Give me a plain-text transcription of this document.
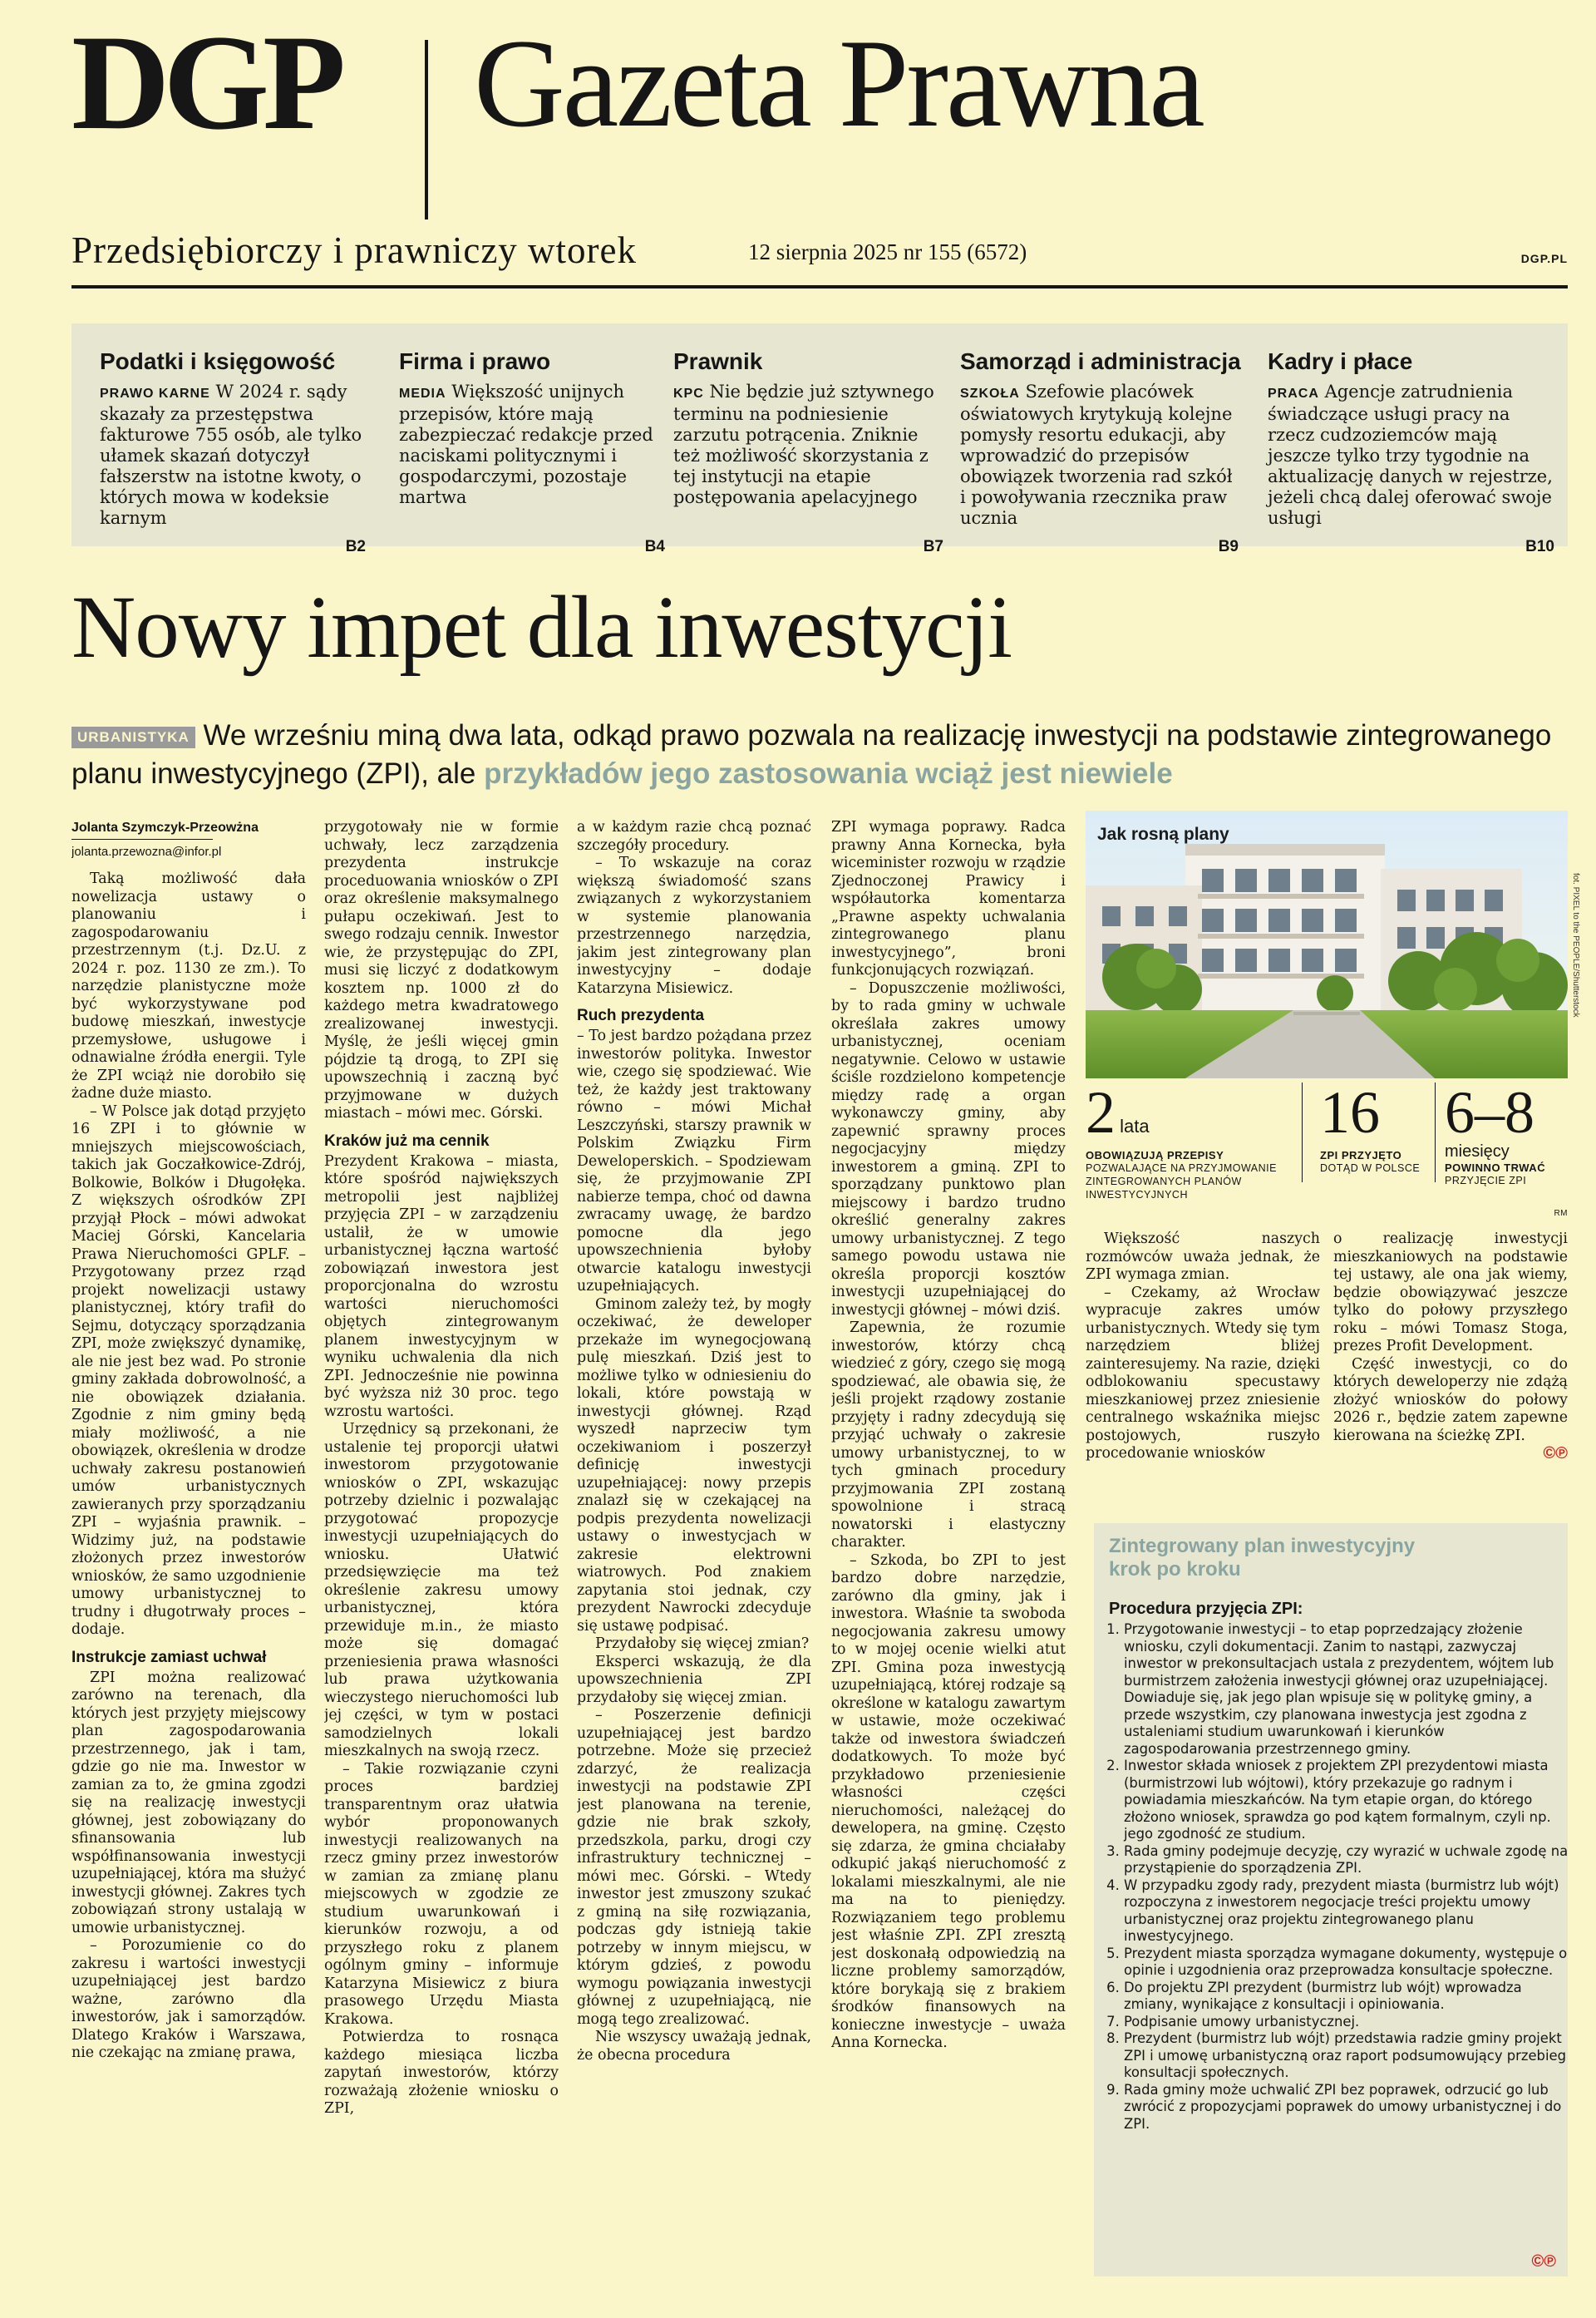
DGP Gazeta Prawna
Przedsiębiorczy i prawniczy wtorek	12 sierpnia 2025 nr 155 (6572)	DGP.PL
Podatki i księgowość
PRAWO KARNE W 2024 r. sądy skazały za przestępstwa fakturowe 755 osób, ale tylko ułamek skazań dotyczył fałszerstw na istotne kwoty, o których mowa w kodeksie karnym
B2
Firma i prawo
MEDIA Większość unijnych przepisów, które mają zabezpieczać redakcje przed naciskami politycznymi i gospodarczymi, pozostaje martwa
B4
Prawnik
KPC Nie będzie już sztywnego terminu na podniesienie zarzutu potrącenia. Zniknie też możliwość skorzystania z tej instytucji na etapie postępowania apelacyjnego
B7
Samorząd i administracja
SZKOŁA Szefowie placówek oświatowych krytykują kolejne pomysły resortu edukacji, aby wprowadzić do przepisów obowiązek tworzenia rad szkół i powoływania rzecznika praw ucznia
B9
Kadry i płace
PRACA Agencje zatrudnienia świadczące usługi pracy na rzecz cudzoziemców mają jeszcze tylko trzy tygodnie na aktualizację danych w rejestrze, jeżeli chcą dalej oferować swoje usługi
B10
Nowy impet dla inwestycji
URBANISTYKA We wrześniu miną dwa lata, odkąd prawo pozwala na realizację inwestycji na podstawie zintegrowanego planu inwestycyjnego (ZPI), ale przykładów jego zastosowania wciąż jest niewiele
Jolanta Szymczyk-Przeowżna
jolanta.przewozna@infor.pl

Taką możliwość dała nowelizacja ustawy o planowaniu i zagospodarowaniu przestrzennym (t.j. Dz.U. z 2024 r. poz. 1130 ze zm.). To narzędzie planistyczne może być wykorzystywane pod budowę mieszkań, inwestycje przemysłowe, usługowe i odnawialne źródła energii. Tyle że ZPI wciąż nie dorobiło się żadne duże miasto.

– W Polsce jak dotąd przyjęto 16 ZPI i to głównie w mniejszych miejscowościach, takich jak Goczałkowice-Zdrój, Bolkowie, Bolków i Długołęka. Z większych ośrodków ZPI przyjął Płock – mówi adwokat Maciej Górski, Kancelaria Prawa Nieruchomości GPLF. – Przygotowany przez rząd projekt nowelizacji ustawy planistycznej, który trafił do Sejmu, dotyczący sporządzania ZPI, może zwiększyć dynamikę, ale nie jest bez wad. Po stronie gminy zakłada dobrowolność, a nie obowiązek działania. Zgodnie z nim gminy będą miały możliwość, a nie obowiązek, określenia w drodze uchwały zakresu postanowień umów urbanistycznych zawieranych przy sporządzaniu ZPI – wyjaśnia prawnik. – Widzimy już, na podstawie złożonych przez inwestorów wniosków, że samo uzgodnienie umowy urbanistycznej to trudny i długotrwały proces – dodaje.

Instrukcje zamiast uchwał

ZPI można realizować zarówno na terenach, dla których jest przyjęty miejscowy plan zagospodarowania przestrzennego, jak i tam, gdzie go nie ma. Inwestor w zamian za to, że gmina zgodzi się na realizację inwestycji głównej, jest zobowiązany do sfinansowania lub współfinansowania inwestycji uzupełniającej, która ma służyć inwestycji głównej. Zakres tych zobowiązań strony ustalają w umowie urbanistycznej.

– Porozumienie co do zakresu i wartości inwestycji uzupełniającej jest bardzo ważne, zarówno dla inwestorów, jak i samorządów. Dlatego Kraków i Warszawa, nie czekając na zmianę prawa,

przygotowały nie w formie uchwały, lecz zarządzenia prezydenta instrukcje proceduowania wniosków o ZPI oraz określenie maksymalnego pułapu oczekiwań. Jest to swego rodzaju cennik. Inwestor wie, że przystępując do ZPI, musi się liczyć z dodatkowym kosztem np. 1000 zł do każdego metra kwadratowego zrealizowanej inwestycji. Myślę, że jeśli więcej gmin pójdzie tą drogą, to ZPI się upowszechnią i zaczną być przyjmowane w dużych miastach – mówi mec. Górski.

Kraków już ma cennik

Prezydent Krakowa – miasta, które spośród największych metropolii jest najbliżej przyjęcia ZPI – w zarządzeniu ustalił, że w umowie urbanistycznej łączna wartość zobowiązań inwestora jest proporcjonalna do wzrostu wartości nieruchomości objętych zintegrowanym planem inwestycyjnym w wyniku uchwalenia dla nich ZPI. Jednocześnie nie powinna być wyższa niż 30 proc. tego wzrostu wartości.

Urzędnicy są przekonani, że ustalenie tej proporcji ułatwi inwestorom przygotowanie wniosków o ZPI, wskazując potrzeby dzielnic i pozwalając przygotować propozycje inwestycji uzupełniających do wniosku. Ułatwić przedsięwzięcie ma też określenie zakresu umowy urbanistycznej, która przewiduje m.in., że miasto może się domagać przeniesienia prawa własności lub prawa użytkowania wieczystego nieruchomości lub jej części, w tym w postaci samodzielnych lokali mieszkalnych na swoją rzecz.

– Takie rozwiązanie czyni proces bardziej transparentnym oraz ułatwia wybór proponowanych inwestycji realizowanych na rzecz gminy przez inwestorów w zamian za zmianę planu miejscowych w zgodzie ze studium uwarunkowań i kierunków rozwoju, a od przyszłego roku z planem ogólnym gminy – informuje Katarzyna Misiewicz z biura prasowego Urzędu Miasta Krakowa.

Potwierdza to rosnąca każdego miesiąca liczba zapytań inwestorów, którzy rozważają złożenie wniosku o ZPI,

a w każdym razie chcą poznać szczegóły procedury.

– To wskazuje na coraz większą świadomość szans związanych z wykorzystaniem w systemie planowania przestrzennego narzędzia, jakim jest zintegrowany plan inwestycyjny – dodaje Katarzyna Misiewicz.

Ruch prezydenta

– To jest bardzo pożądana przez inwestorów polityka. Inwestor wie, czego się spodziewać. Wie też, że każdy jest traktowany równo – mówi Michał Leszczyński, starszy prawnik w Polskim Związku Firm Deweloperskich. – Spodziewam się, że przyjmowanie ZPI nabierze tempa, choć od dawna zwracamy uwagę, że bardzo pomocne dla jego upowszechnienia byłoby otwarcie katalogu inwestycji uzupełniających.

Gminom zależy też, by mogły oczekiwać, że deweloper przekaże im wynegocjowaną pulę mieszkań. Dziś jest to możliwe tylko w odniesieniu do lokali, które powstają w inwestycji głównej. Rząd wyszedł naprzeciw tym oczekiwaniom i poszerzył definicję inwestycji uzupełniającej: nowy przepis znalazł się w czekającej na podpis prezydenta nowelizacji ustawy o inwestycjach w zakresie elektrowni wiatrowych. Pod znakiem zapytania stoi jednak, czy prezydent Nawrocki zdecyduje się ustawę podpisać.

Przydałoby się więcej zmian?

Eksperci wskazują, że dla upowszechnienia ZPI przydałoby się więcej zmian.

– Poszerzenie definicji uzupełniającej jest bardzo potrzebne. Może się przecież zdarzyć, że realizacja inwestycji na podstawie ZPI jest planowana na terenie, gdzie nie brak szkoły, przedszkola, parku, drogi czy infrastruktury technicznej – mówi mec. Górski. – Wtedy inwestor jest zmuszony szukać z gminą na siłę rozwiązania, podczas gdy istnieją takie potrzeby w innym miejscu, w którym gdzieś, z powodu wymogu powiązania inwestycji głównej z uzupełniającą, nie mogą tego zrealizować.

Nie wszyscy uważają jednak, że obecna procedura

ZPI wymaga poprawy. Radca prawny Anna Kornecka, była wiceminister rozwoju w rządzie Zjednoczonej Prawicy i współautorka komentarza „Prawne aspekty uchwalania zintegrowanego planu inwestycyjnego”, broni funkcjonujących rozwiązań.

– Dopuszczenie możliwości, by to rada gminy w uchwale określała zakres umowy urbanistycznej, oceniam negatywnie. Celowo w ustawie ściśle rozdzielono kompetencje między radę a organ wykonawczy gminy, aby zapewnić sprawny proces negocjacyjny między inwestorem a gminą. ZPI to sporządzany punktowo plan miejscowy i bardzo trudno określić generalny zakres umowy urbanistycznej. Z tego samego powodu ustawa nie określa proporcji kosztów inwestycji uzupełniającej do inwestycji głównej – mówi dziś.

Zapewnia, że rozumie inwestorów, którzy chcą wiedzieć z góry, czego się mogą spodziewać, ale obawia się, że jeśli projekt rządowy zostanie przyjęty i radny zdecydują się przyjąć uchwały o zakresie umowy urbanistycznej, to w tych gminach procedury przyjmowania ZPI zostaną spowolnione i stracą nowatorski i elastyczny charakter.

– Szkoda, bo ZPI to jest bardzo dobre narzędzie, zarówno dla gminy, jak i inwestora. Właśnie ta swoboda negocjowania zakresu umowy to w mojej ocenie wielki atut ZPI. Gmina poza inwestycją uzupełniającą, której rodzaje są określone w katalogu zawartym w ustawie, może oczekiwać także od inwestora świadczeń dodatkowych. To może być przykładowo przeniesienie własności części nieruchomości, należącej do dewelopera, na gminę. Często się zdarza, że gmina chciałaby odkupić jakąś nieruchomość z lokalami mieszkalnymi, ale nie ma na to pieniędzy. Rozwiązaniem tego problemu jest właśnie ZPI. ZPI zresztą jest doskonałą odpowiedzią na liczne problemy samorządów, które borykają się z brakiem środków finansowych na konieczne inwestycje – uważa Anna Kornecka.

Jak rosną plany
fot. PIXEL to the PEOPLE/Shutterstock
2 lata
OBOWIĄZUJĄ PRZEPISY
POZWALAJĄCE NA PRZYJMOWANIE ZINTEGROWANYCH PLANÓW INWESTYCYJNYCH
16
ZPI PRZYJĘTO
DOTĄD W POLSCE
6–8
miesięcy
POWINNO TRWAĆ
PRZYJĘCIE ZPI
RM

Większość naszych rozmówców uważa jednak, że ZPI wymaga zmian.

– Czekamy, aż Wrocław wypracuje zakres umów urbanistycznych. Wtedy się tym narzędziem bliżej zainteresujemy. Na razie, dzięki odblokowaniu specustawy mieszkaniowej przez zniesienie centralnego wskaźnika miejsc postojowych, ruszyło procedowanie wniosków

o realizację inwestycji mieszkaniowych na podstawie tej ustawy, ale ona jak wiemy, będzie obowiązywać jeszcze tylko do połowy przyszłego roku – mówi Tomasz Stoga, prezes Profit Development.

Część inwestycji, co do których deweloperzy nie zdążą złożyć wniosków do połowy 2026 r., będzie zatem zapewne kierowana na ścieżkę ZPI.

©℗
Zintegrowany plan inwestycyjny
krok po kroku
Procedura przyjęcia ZPI:
1. Przygotowanie inwestycji – to etap poprzedzający złożenie wniosku, czyli dokumentacji. Zanim to nastąpi, zazwyczaj inwestor w prekonsultacjach ustala z prezydentem, wójtem lub burmistrzem założenia inwestycji głównej oraz uzupełniającej. Dowiaduje się, jak jego plan wpisuje się w politykę gminy, a przede wszystkim, czy planowana inwestycja jest zgodna z ustaleniami studium uwarunkowań i kierunków zagospodarowania przestrzennego gminy.
2. Inwestor składa wniosek z projektem ZPI prezydentowi miasta (burmistrzowi lub wójtowi), który przekazuje go radnym i powiadamia mieszkańców. Na tym etapie organ, do którego złożono wniosek, sprawdza go pod kątem formalnym, czyli np. jego zgodność ze studium.
3. Rada gminy podejmuje decyzję, czy wyrazić w uchwale zgodę na przystąpienie do sporządzenia ZPI.
4. W przypadku zgody rady, prezydent miasta (burmistrz lub wójt) rozpoczyna z inwestorem negocjacje treści projektu umowy urbanistycznej oraz projektu zintegrowanego planu inwestycyjnego.
5. Prezydent miasta sporządza wymagane dokumenty, występuje o opinie i uzgodnienia oraz przeprowadza konsultacje społeczne.
6. Do projektu ZPI prezydent (burmistrz lub wójt) wprowadza zmiany, wynikające z konsultacji i opiniowania.
7. Podpisanie umowy urbanistycznej.
8. Prezydent (burmistrz lub wójt) przedstawia radzie gminy projekt ZPI i umowę urbanistyczną oraz raport podsumowujący przebieg konsultacji społecznych.
9. Rada gminy może uchwalić ZPI bez poprawek, odrzucić go lub zwrócić z propozycjami poprawek do umowy urbanistycznej i do ZPI.
©℗
